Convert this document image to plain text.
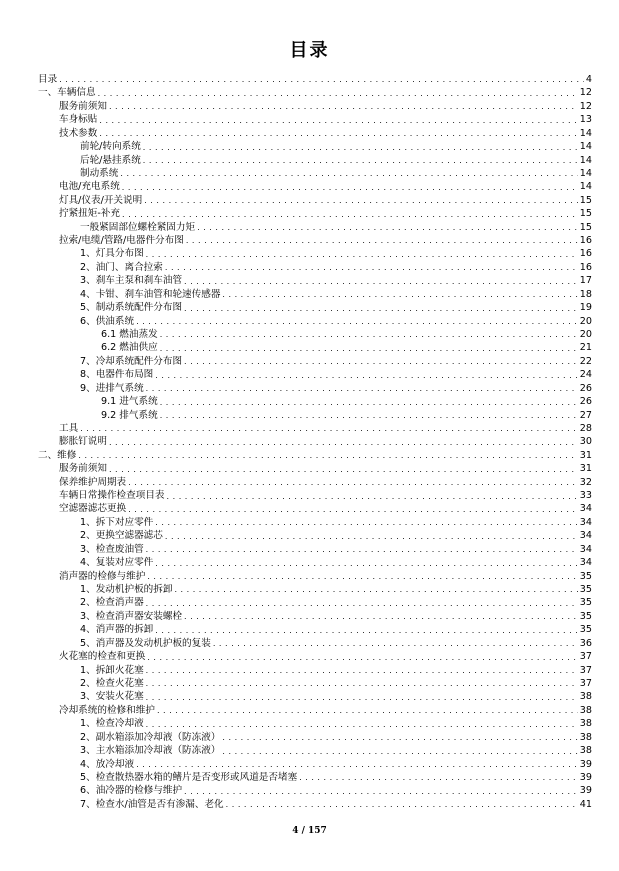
目录
目录 . . .	4
一、车辆信息 . . .	12
服务前须知 . . .	12
车身标贴 . . .	13
技术参数 . . .	14
前轮/转向系统 . . .	14
后轮/悬挂系统 . . .	14
制动系统 . . .	14
电池/充电系统 . . .	14
灯具/仪表/开关说明 . . .	15
拧紧扭矩-补充 . . .	15
一般紧固部位螺栓紧固力矩 . . .	15
拉索/电缆/管路/电器件分布图 . . .	16
1、灯具分布图 . . .	16
2、油门、离合拉索 . . .	16
3、刹车主泵和刹车油管 . . .	17
4、卡钳、刹车油管和轮速传感器 . . .	18
5、制动系统配件分布图 . . .	19
6、供油系统 . . .	20
6.1 燃油蒸发 . . .	20
6.2 燃油供应 . . .	21
7、冷却系统配件分布图 . . .	22
8、电器件布局图 . . .	24
9、进排气系统 . . .	26
9.1 进气系统 . . .	26
9.2 排气系统 . . .	27
工具 . . .	28
膨胀钉说明 . . .	30
二、维修 . . .	31
服务前须知 . . .	31
保养维护周期表 . . .	32
车辆日常操作检查项目表 . . .	33
空滤器滤芯更换 . . .	34
1、拆下对应零件 . . .	34
2、更换空滤器滤芯 . . .	34
3、检查废油管 . . .	34
4、复装对应零件 . . .	34
消声器的检修与维护 . . .	35
1、发动机护板的拆卸 . . .	35
2、检查消声器 . . .	35
3、检查消声器安装螺栓 . . .	35
4、消声器的拆卸 . . .	35
5、消声器及发动机护板的复装 . . .	36
火花塞的检查和更换 . . .	37
1、拆卸火花塞 . . .	37
2、检查火花塞 . . .	37
3、安装火花塞 . . .	38
冷却系统的检修和维护 . . .	38
1、检查冷却液 . . .	38
2、副水箱添加冷却液（防冻液） . . .	38
3、主水箱添加冷却液（防冻液） . . .	38
4、放冷却液 . . .	39
5、检查散热器水箱的鳍片是否变形或风道是否堵塞 . . .	39
6、油冷器的检修与维护 . . .	39
7、检查水/油管是否有渗漏、老化 . . .	41
4 / 157
